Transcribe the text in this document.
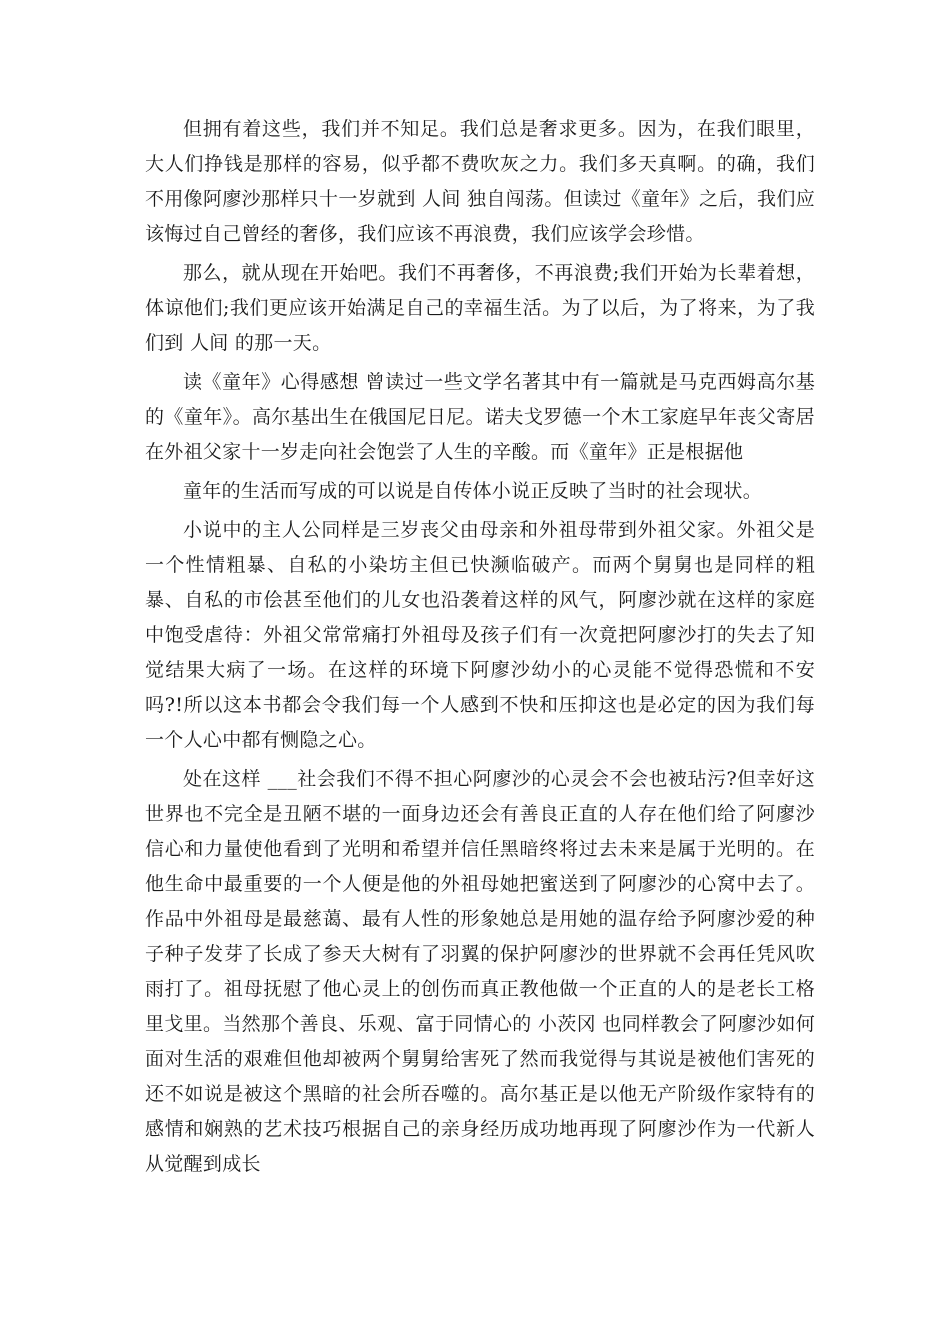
但拥有着这些，我们并不知足。我们总是奢求更多。因为，在我们眼里，大人们挣钱是那样的容易，似乎都不费吹灰之力。我们多天真啊。的确，我们不用像阿廖沙那样只十一岁就到 人间 独自闯荡。但读过《童年》之后，我们应该悔过自己曾经的奢侈，我们应该不再浪费，我们应该学会珍惜。

那么，就从现在开始吧。我们不再奢侈，不再浪费;我们开始为长辈着想，体谅他们;我们更应该开始满足自己的幸福生活。为了以后，为了将来，为了我们到 人间 的那一天。

读《童年》心得感想 曾读过一些文学名著其中有一篇就是马克西姆高尔基的《童年》。高尔基出生在俄国尼日尼。诺夫戈罗德一个木工家庭早年丧父寄居在外祖父家十一岁走向社会饱尝了人生的辛酸。而《童年》正是根据他

童年的生活而写成的可以说是自传体小说正反映了当时的社会现状。

小说中的主人公同样是三岁丧父由母亲和外祖母带到外祖父家。外祖父是一个性情粗暴、自私的小染坊主但已快濒临破产。而两个舅舅也是同样的粗暴、自私的市侩甚至他们的儿女也沿袭着这样的风气，阿廖沙就在这样的家庭中饱受虐待：外祖父常常痛打外祖母及孩子们有一次竟把阿廖沙打的失去了知觉结果大病了一场。在这样的环境下阿廖沙幼小的心灵能不觉得恐慌和不安吗?!所以这本书都会令我们每一个人感到不快和压抑这也是必定的因为我们每一个人心中都有恻隐之心。

处在这样 ___社会我们不得不担心阿廖沙的心灵会不会也被玷污?但幸好这世界也不完全是丑陋不堪的一面身边还会有善良正直的人存在他们给了阿廖沙信心和力量使他看到了光明和希望并信任黑暗终将过去未来是属于光明的。在他生命中最重要的一个人便是他的外祖母她把蜜送到了阿廖沙的心窝中去了。作品中外祖母是最慈蔼、最有人性的形象她总是用她的温存给予阿廖沙爱的种子种子发芽了长成了参天大树有了羽翼的保护阿廖沙的世界就不会再任凭风吹雨打了。祖母抚慰了他心灵上的创伤而真正教他做一个正直的人的是老长工格里戈里。当然那个善良、乐观、富于同情心的 小茨冈 也同样教会了阿廖沙如何面对生活的艰难但他却被两个舅舅给害死了然而我觉得与其说是被他们害死的还不如说是被这个黑暗的社会所吞噬的。高尔基正是以他无产阶级作家特有的感情和娴熟的艺术技巧根据自己的亲身经历成功地再现了阿廖沙作为一代新人从觉醒到成长
